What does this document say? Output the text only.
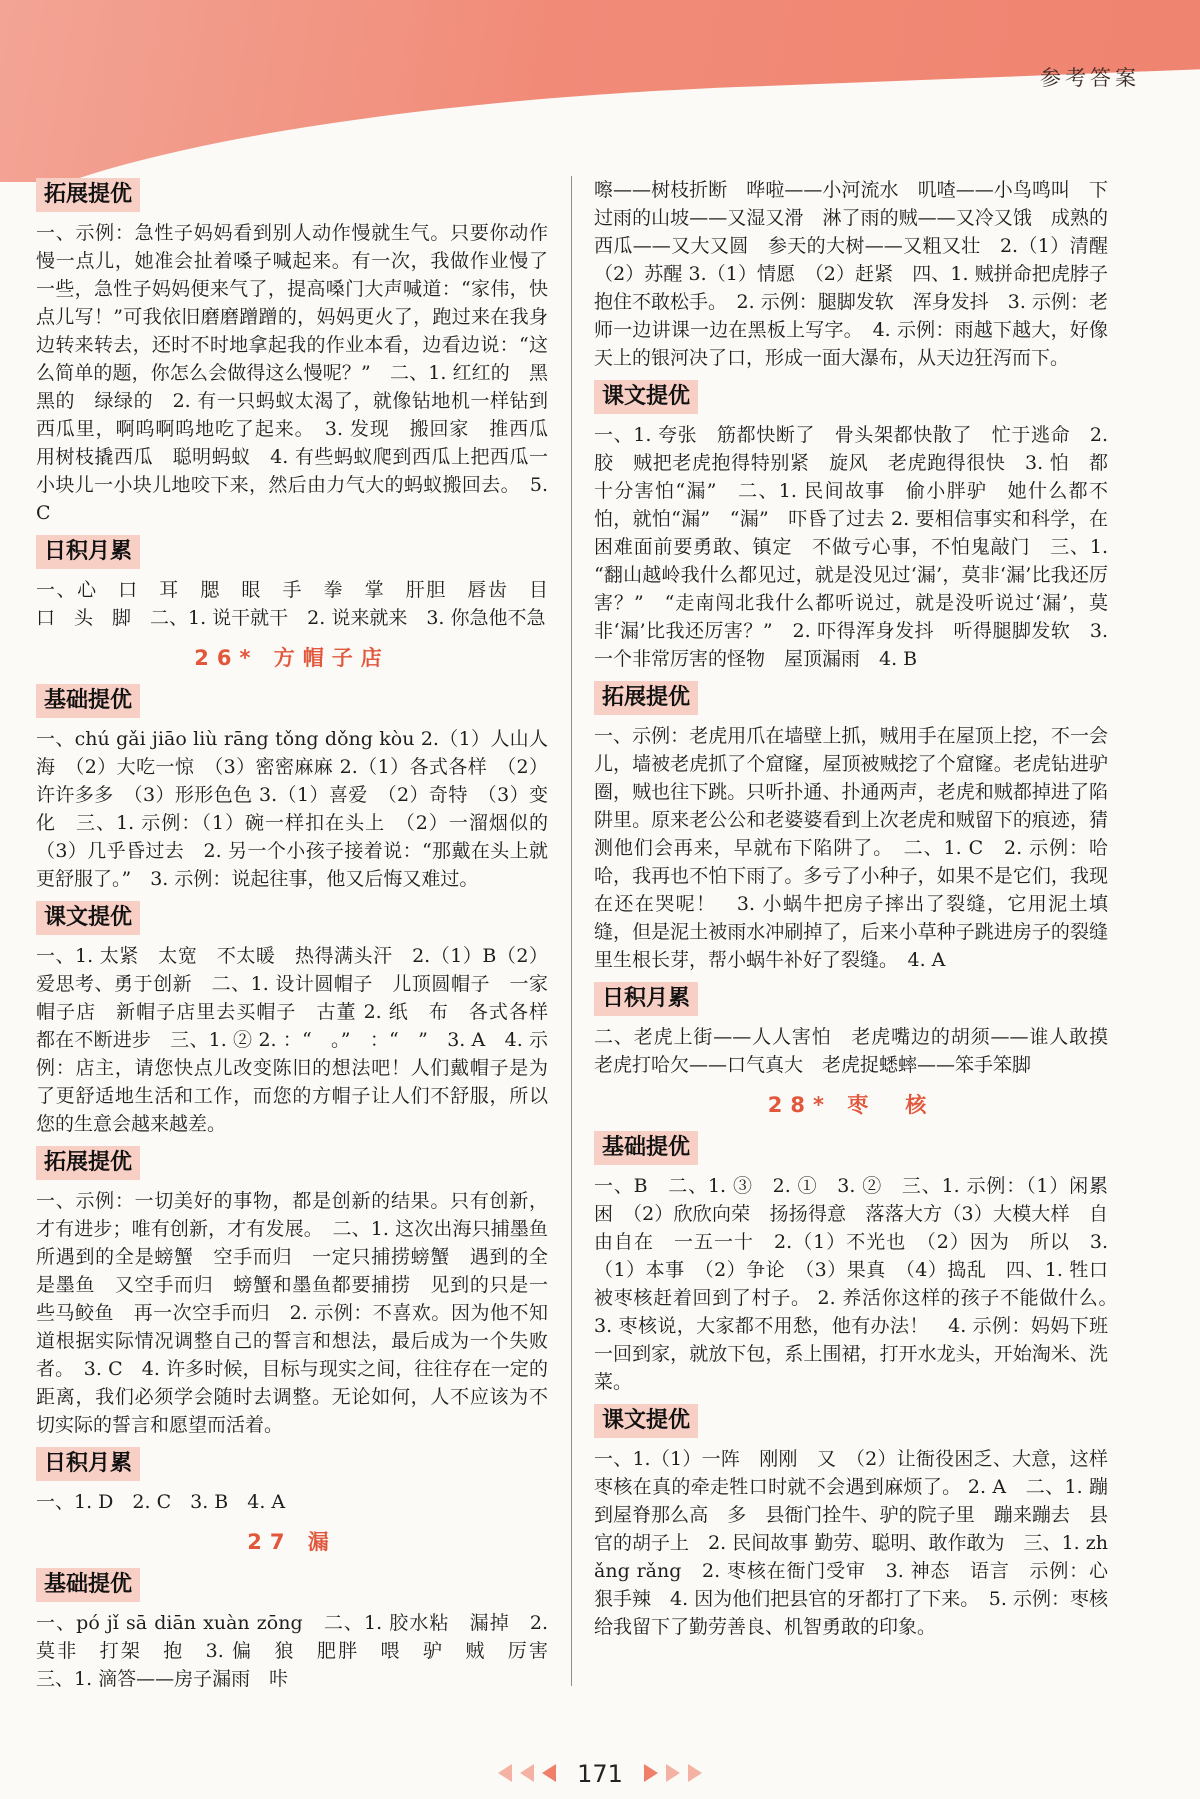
参考答案
拓展提优

一、示例：急性子妈妈看到别人动作慢就生气。只要你动作慢一点儿，她准会扯着嗓子喊起来。有一次，我做作业慢了一些，急性子妈妈便来气了，提高嗓门大声喊道：“家伟，快点儿写！”可我依旧磨磨蹭蹭的，妈妈更火了，跑过来在我身边转来转去，还时不时地拿起我的作业本看，边看边说：“这么简单的题，你怎么会做得这么慢呢？”　二、1. 红红的　黑黑的　绿绿的　2. 有一只蚂蚁太渴了，就像钻地机一样钻到西瓜里，啊呜啊呜地吃了起来。　3. 发现　搬回家　推西瓜　用树枝撬西瓜　聪明蚂蚁　4. 有些蚂蚁爬到西瓜上把西瓜一小块儿一小块儿地咬下来，然后由力气大的蚂蚁搬回去。　5. C

日积月累

一、心　口　耳　腮　眼　手　拳　掌　肝胆　唇齿　目　口　头　脚　二、1. 说干就干　2. 说来就来　3. 你急他不急

26* 方帽子店
基础提优

一、chú gǎi jiāo liù rāng tǒng dǒng kòu 2.（1）人山人海　（2）大吃一惊　（3）密密麻麻 2.（1）各式各样　（2）许许多多　（3）形形色色 3.（1）喜爱　（2）奇特　（3）变化　三、1. 示例：（1）碗一样扣在头上　（2）一溜烟似的　（3）几乎昏过去　2. 另一个小孩子接着说：“那戴在头上就更舒服了。”　3. 示例：说起往事，他又后悔又难过。

课文提优

一、1. 太紧　太宽　不太暖　热得满头汗　2.（1）B（2）爱思考、勇于创新　二、1. 设计圆帽子　儿顶圆帽子　一家帽子店　新帽子店里去买帽子　古董 2. 纸　布　各式各样　都在不断进步　三、1. ② 2. ：“　。”　：“　”　3. A　4. 示例：店主，请您快点儿改变陈旧的想法吧！人们戴帽子是为了更舒适地生活和工作，而您的方帽子让人们不舒服，所以您的生意会越来越差。

拓展提优

一、示例：一切美好的事物，都是创新的结果。只有创新，才有进步；唯有创新，才有发展。　二、1. 这次出海只捕墨鱼　所遇到的全是螃蟹　空手而归　一定只捕捞螃蟹　遇到的全是墨鱼　又空手而归　螃蟹和墨鱼都要捕捞　见到的只是一些马鲛鱼　再一次空手而归　2. 示例：不喜欢。因为他不知道根据实际情况调整自己的誓言和想法，最后成为一个失败者。　3. C　4. 许多时候，目标与现实之间，往往存在一定的距离，我们必须学会随时去调整。无论如何，人不应该为不切实际的誓言和愿望而活着。

日积月累

一、1. D　2. C　3. B　4. A

27 漏
基础提优

一、pó jǐ sā diān xuàn zōng　二、1. 胶水粘　漏掉　2. 莫非　打架　抱　3. 偏　狼　肥胖　喂　驴　贼　厉害　三、1. 滴答——房子漏雨　咔

嚓——树枝折断　哗啦——小河流水　叽喳——小鸟鸣叫　下过雨的山坡——又湿又滑　淋了雨的贼——又冷又饿　成熟的西瓜——又大又圆　参天的大树——又粗又壮　2.（1）清醒　（2）苏醒 3.（1）情愿　（2）赶紧　四、1. 贼拼命把虎脖子抱住不敢松手。　2. 示例：腿脚发软　浑身发抖　3. 示例：老师一边讲课一边在黑板上写字。　4. 示例：雨越下越大，好像天上的银河决了口，形成一面大瀑布，从天边狂泻而下。

课文提优

一、1. 夸张　筋都快断了　骨头架都快散了　忙于逃命　2. 胶　贼把老虎抱得特别紧　旋风　老虎跑得很快　3. 怕　都十分害怕“漏”　二、1. 民间故事　偷小胖驴　她什么都不怕，就怕“漏”　“漏”　吓昏了过去 2. 要相信事实和科学，在困难面前要勇敢、镇定　不做亏心事，不怕鬼敲门　三、1. “翻山越岭我什么都见过，就是没见过‘漏’，莫非‘漏’比我还厉害？”　“走南闯北我什么都听说过，就是没听说过‘漏’，莫非‘漏’比我还厉害？”　2. 吓得浑身发抖　听得腿脚发软　3. 一个非常厉害的怪物　屋顶漏雨　4. B

拓展提优

一、示例：老虎用爪在墙壁上抓，贼用手在屋顶上挖，不一会儿，墙被老虎抓了个窟窿，屋顶被贼挖了个窟窿。老虎钻进驴圈，贼也往下跳。只听扑通、扑通两声，老虎和贼都掉进了陷阱里。原来老公公和老婆婆看到上次老虎和贼留下的痕迹，猜测他们会再来，早就布下陷阱了。　二、1. C　2. 示例：哈哈，我再也不怕下雨了。多亏了小种子，如果不是它们，我现在还在哭呢！　3. 小蜗牛把房子摔出了裂缝，它用泥土填缝，但是泥土被雨水冲刷掉了，后来小草种子跳进房子的裂缝里生根长芽，帮小蜗牛补好了裂缝。　4. A

日积月累

二、老虎上街——人人害怕　老虎嘴边的胡须——谁人敢摸　老虎打哈欠——口气真大　老虎捉蟋蟀——笨手笨脚

28* 枣　核
基础提优

一、B　二、1. ③　2. ①　3. ②　三、1. 示例：（1）闲累　困　（2）欣欣向荣　扬扬得意　落落大方（3）大模大样　自由自在　一五一十　2.（1）不光也　（2）因为　所以　3.（1）本事　（2）争论　（3）果真　（4）捣乱　四、1. 牲口被枣核赶着回到了村子。 2. 养活你这样的孩子不能做什么。　3. 枣核说，大家都不用愁，他有办法！　4. 示例：妈妈下班一回到家，就放下包，系上围裙，打开水龙头，开始淘米、洗菜。

课文提优

一、1.（1）一阵　刚刚　又　（2）让衙役困乏、大意，这样枣核在真的牵走牲口时就不会遇到麻烦了。 2. A　二、1. 蹦到屋脊那么高　多　县衙门拴牛、驴的院子里　蹦来蹦去　县官的胡子上　2. 民间故事 勤劳、聪明、敢作敢为　三、1. zhǎng rǎng　2. 枣核在衙门受审　3. 神态　语言　示例：心狠手辣　4. 因为他们把县官的牙都打了下来。　5. 示例：枣核给我留下了勤劳善良、机智勇敢的印象。

171
